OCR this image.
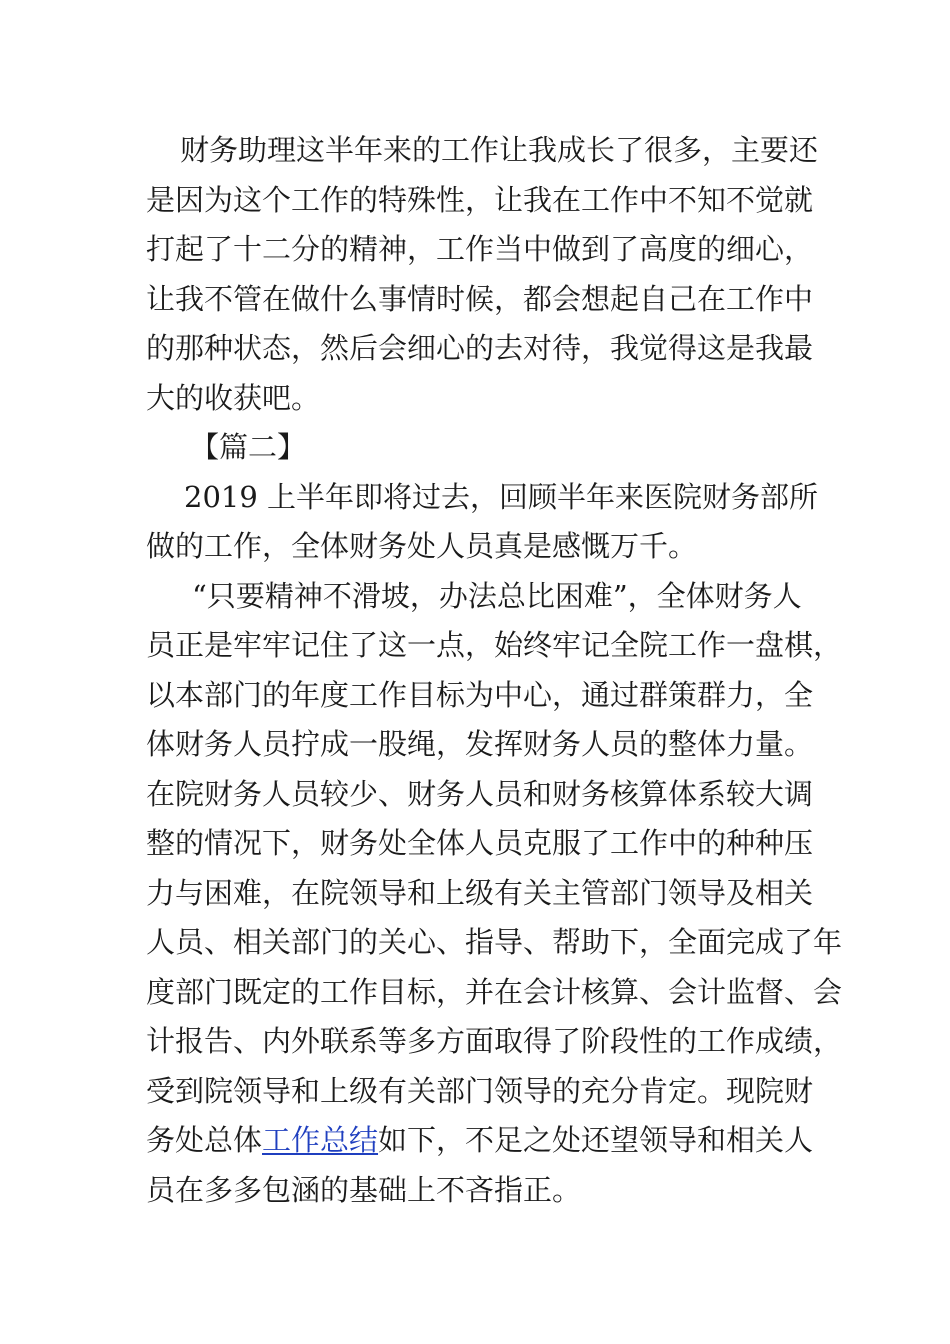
财务助理这半年来的工作让我成长了很多，主要还
是因为这个工作的特殊性，让我在工作中不知不觉就
打起了十二分的精神，工作当中做到了高度的细心，
让我不管在做什么事情时候，都会想起自己在工作中
的那种状态，然后会细心的去对待，我觉得这是我最
大的收获吧。
【篇二】
2019 上半年即将过去，回顾半年来医院财务部所
做的工作，全体财务处人员真是感慨万千。
“只要精神不滑坡，办法总比困难”，全体财务人
员正是牢牢记住了这一点，始终牢记全院工作一盘棋，
以本部门的年度工作目标为中心，通过群策群力，全
体财务人员拧成一股绳，发挥财务人员的整体力量。
在院财务人员较少、财务人员和财务核算体系较大调
整的情况下，财务处全体人员克服了工作中的种种压
力与困难，在院领导和上级有关主管部门领导及相关
人员、相关部门的关心、指导、帮助下，全面完成了年
度部门既定的工作目标，并在会计核算、会计监督、会
计报告、内外联系等多方面取得了阶段性的工作成绩，
受到院领导和上级有关部门领导的充分肯定。现院财
务处总体工作总结如下，不足之处还望领导和相关人
员在多多包涵的基础上不吝指正。
